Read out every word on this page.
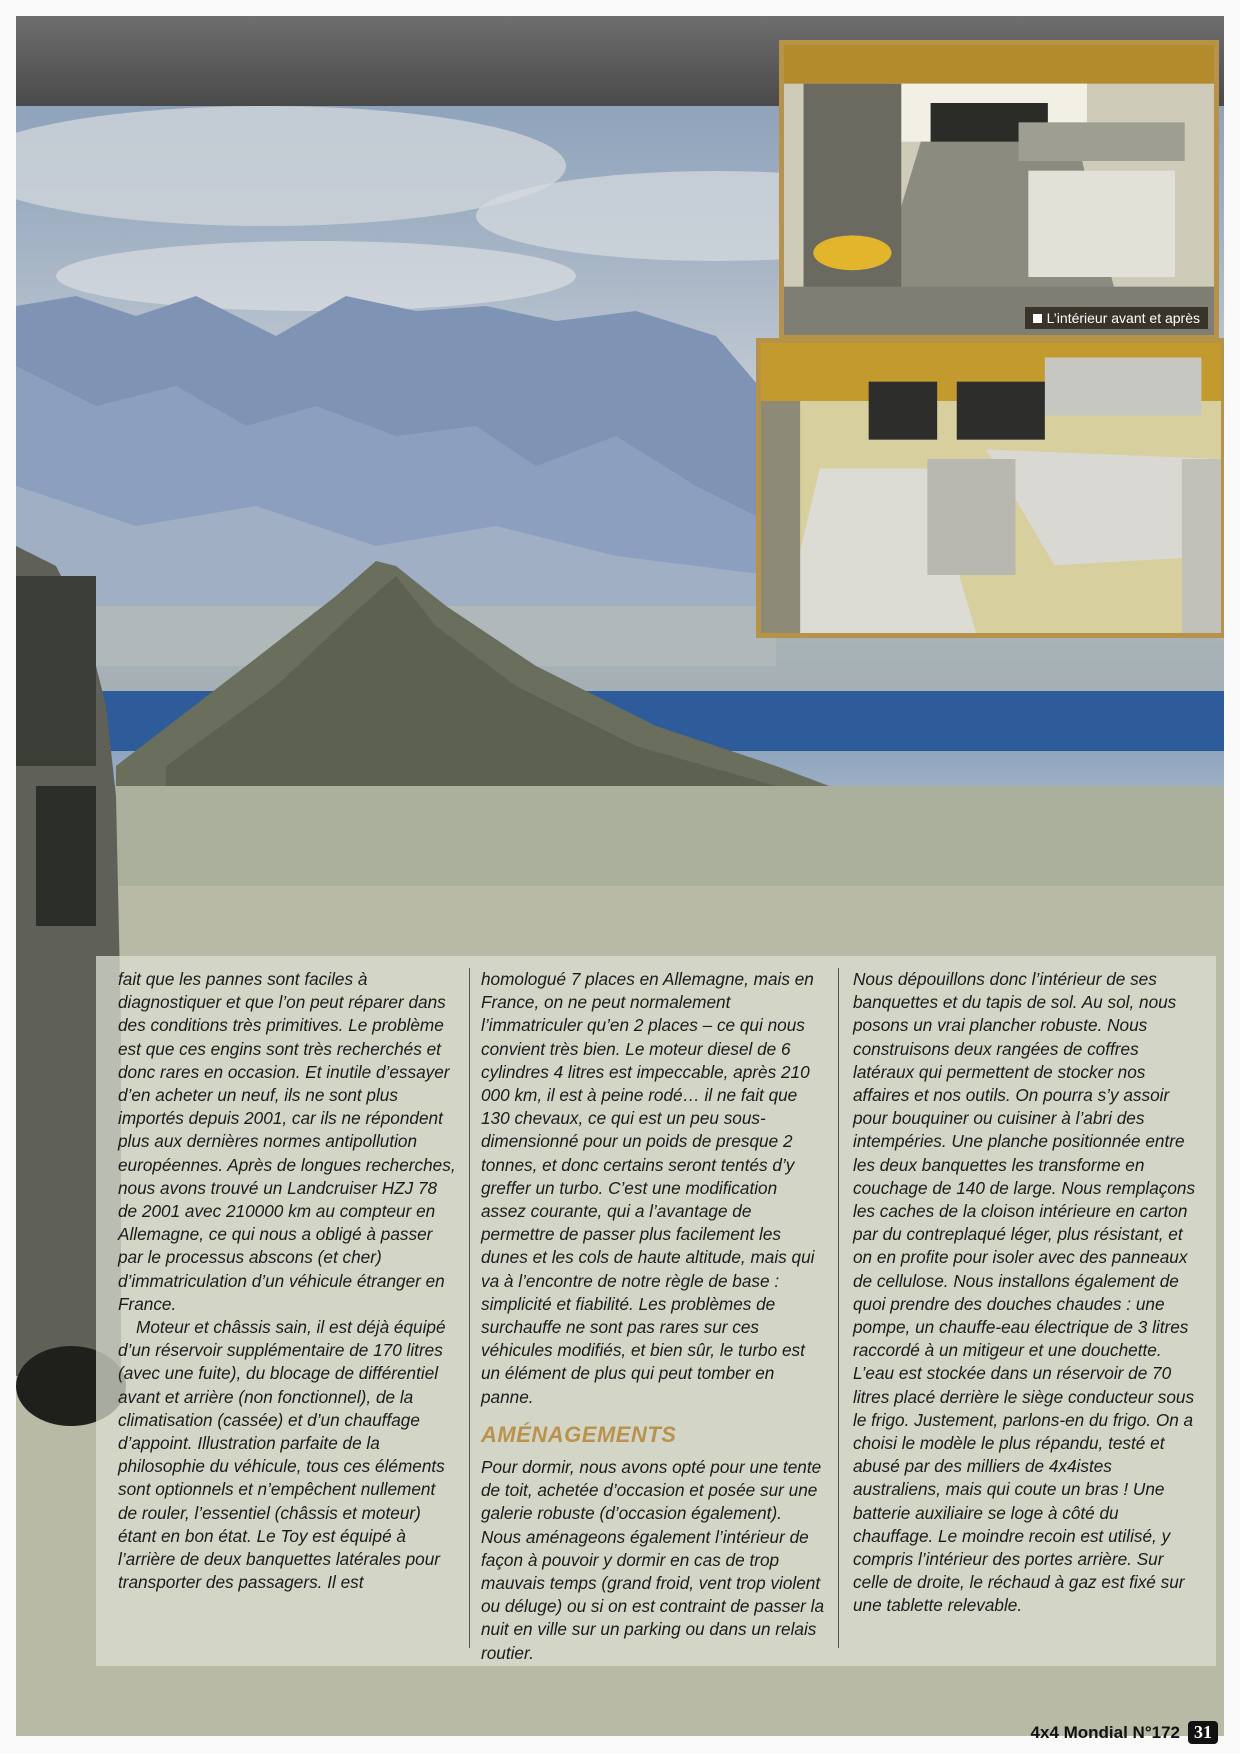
L’intérieur avant et après

fait que les pannes sont faciles à diagnostiquer et que l’on peut réparer dans des conditions très primitives. Le problème est que ces engins sont très recherchés et donc rares en occasion. Et inutile d’essayer d’en acheter un neuf, ils ne sont plus importés depuis 2001, car ils ne répondent plus aux dernières normes antipollution européennes. Après de longues recherches, nous avons trouvé un Landcruiser HZJ 78 de 2001 avec 210000 km au compteur en Allemagne, ce qui nous a obligé à passer par le processus abscons (et cher) d’immatriculation d’un véhicule étranger en France.

Moteur et châssis sain, il est déjà équipé d’un réservoir supplémentaire de 170 litres (avec une fuite), du blocage de différentiel avant et arrière (non fonctionnel), de la climatisation (cassée) et d’un chauffage d’appoint. Illustration parfaite de la philosophie du véhicule, tous ces éléments sont optionnels et n’empêchent nullement de rouler, l’essentiel (châssis et moteur) étant en bon état. Le Toy est équipé à l’arrière de deux banquettes latérales pour transporter des passagers. Il est

homologué 7 places en Allemagne, mais en France, on ne peut normalement l’immatriculer qu’en 2 places – ce qui nous convient très bien. Le moteur diesel de 6 cylindres 4 litres est impeccable, après 210 000 km, il est à peine rodé… il ne fait que 130 chevaux, ce qui est un peu sous-dimensionné pour un poids de presque 2 tonnes, et donc certains seront tentés d’y greffer un turbo. C’est une modification assez courante, qui a l’avantage de permettre de passer plus facilement les dunes et les cols de haute altitude, mais qui va à l’encontre de notre règle de base : simplicité et fiabilité. Les problèmes de surchauffe ne sont pas rares sur ces véhicules modifiés, et bien sûr, le turbo est un élément de plus qui peut tomber en panne.

AMÉNAGEMENTS

Pour dormir, nous avons opté pour une tente de toit, achetée d’occasion et posée sur une galerie robuste (d’occasion également). Nous aménageons également l’intérieur de façon à pouvoir y dormir en cas de trop mauvais temps (grand froid, vent trop violent ou déluge) ou si on est contraint de passer la nuit en ville sur un parking ou dans un relais routier.

Nous dépouillons donc l’intérieur de ses banquettes et du tapis de sol. Au sol, nous posons un vrai plancher robuste. Nous construisons deux rangées de coffres latéraux qui permettent de stocker nos affaires et nos outils. On pourra s’y assoir pour bouquiner ou cuisiner à l’abri des intempéries. Une planche positionnée entre les deux banquettes les transforme en couchage de 140 de large. Nous remplaçons les caches de la cloison intérieure en carton par du contreplaqué léger, plus résistant, et on en profite pour isoler avec des panneaux de cellulose. Nous installons également de quoi prendre des douches chaudes : une pompe, un chauffe-eau électrique de 3 litres raccordé à un mitigeur et une douchette. L’eau est stockée dans un réservoir de 70 litres placé derrière le siège conducteur sous le frigo. Justement, parlons-en du frigo. On a choisi le modèle le plus répandu, testé et abusé par des milliers de 4x4istes australiens, mais qui coute un bras ! Une batterie auxiliaire se loge à côté du chauffage. Le moindre recoin est utilisé, y compris l’intérieur des portes arrière. Sur celle de droite, le réchaud à gaz est fixé sur une tablette relevable.

4x4 Mondial N°172 31
